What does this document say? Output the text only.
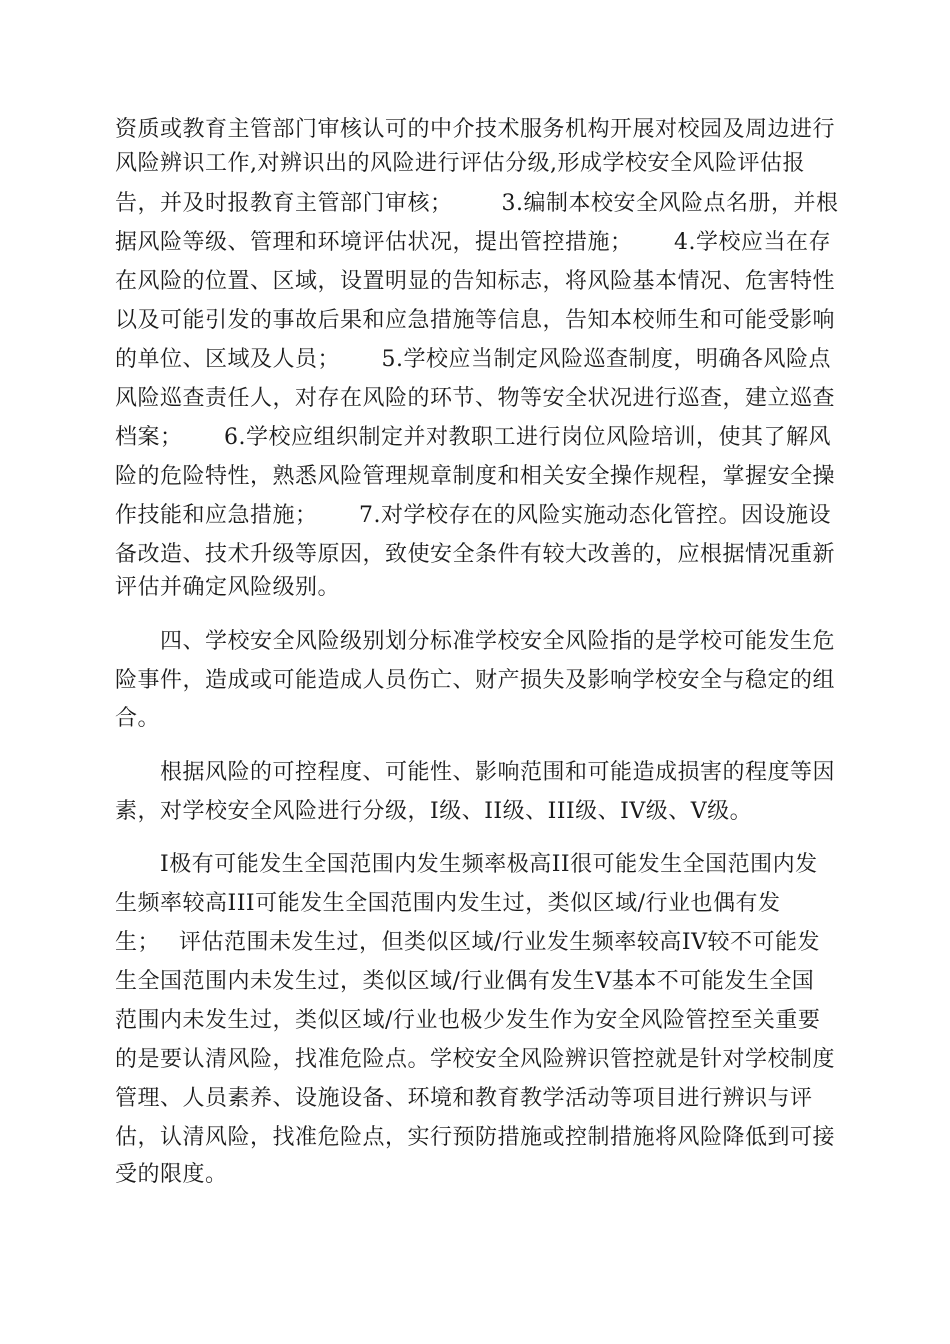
资质或教育主管部门审核认可的中介技术服务机构开展对校园及周边进行
风险辨识工作,对辨识出的风险进行评估分级,形成学校安全风险评估报
告，并及时报教育主管部门审核；　　  3.编制本校安全风险点名册，并根
据风险等级、管理和环境评估状况，提出管控措施；　　 4.学校应当在存
在风险的位置、区域，设置明显的告知标志，将风险基本情况、危害特性
以及可能引发的事故后果和应急措施等信息，告知本校师生和可能受影响
的单位、区域及人员；　　 5.学校应当制定风险巡查制度，明确各风险点
风险巡查责任人，对存在风险的环节、物等安全状况进行巡查，建立巡查
档案；　　 6.学校应组织制定并对教职工进行岗位风险培训，使其了解风
险的危险特性，熟悉风险管理规章制度和相关安全操作规程，掌握安全操
作技能和应急措施；　　 7.对学校存在的风险实施动态化管控。因设施设
备改造、技术升级等原因，致使安全条件有较大改善的，应根据情况重新
评估并确定风险级别。
　　四、学校安全风险级别划分标准学校安全风险指的是学校可能发生危
险事件，造成或可能造成人员伤亡、财产损失及影响学校安全与稳定的组
合。
　　根据风险的可控程度、可能性、影响范围和可能造成损害的程度等因
素，对学校安全风险进行分级，I级、II级、III级、IV级、V级。
　　I极有可能发生全国范围内发生频率极高II很可能发生全国范围内发
生频率较高III可能发生全国范围内发生过，类似区域/行业也偶有发
生；　 评估范围未发生过，但类似区域/行业发生频率较高IV较不可能发
生全国范围内未发生过，类似区域/行业偶有发生V基本不可能发生全国
范围内未发生过，类似区域/行业也极少发生作为安全风险管控至关重要
的是要认清风险，找准危险点。学校安全风险辨识管控就是针对学校制度
管理、人员素养、设施设备、环境和教育教学活动等项目进行辨识与评
估，认清风险，找准危险点，实行预防措施或控制措施将风险降低到可接
受的限度。
